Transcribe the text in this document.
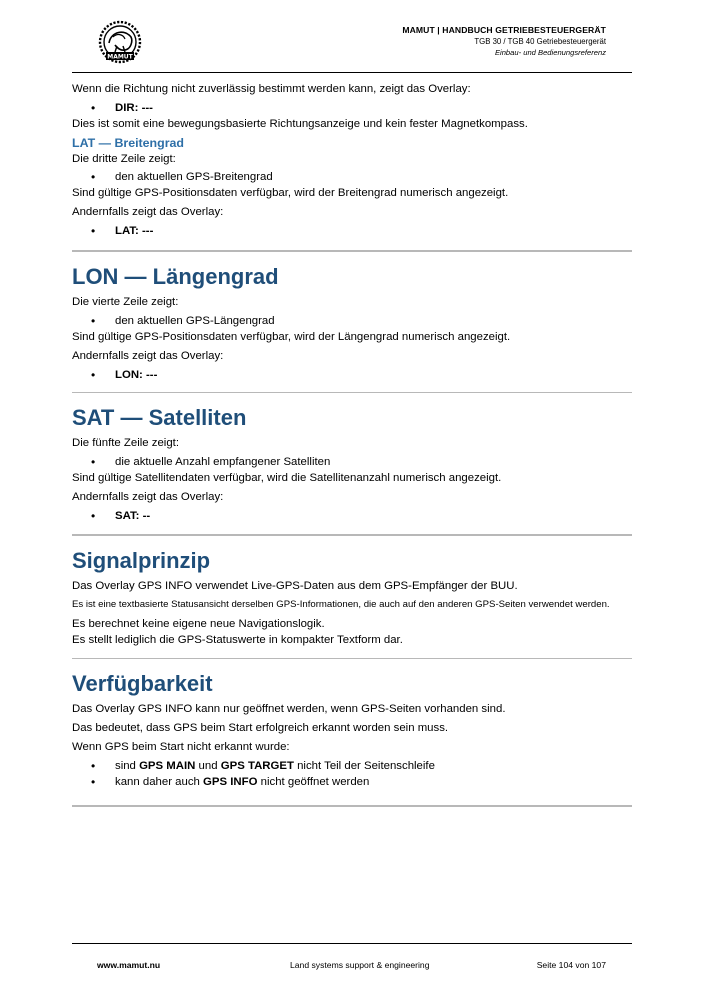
MAMUT
MAMUT | HANDBUCH GETRIEBESTEUERGERÄT
TGB 30 / TGB 40 Getriebesteuergerät
Einbau- und Bedienungsreferenz

Wenn die Richtung nicht zuverlässig bestimmt werden kann, zeigt das Overlay:

• DIR: ---

Dies ist somit eine bewegungsbasierte Richtungsanzeige und kein fester Magnetkompass.

LAT — Breitengrad

Die dritte Zeile zeigt:

• den aktuellen GPS-Breitengrad

Sind gültige GPS-Positionsdaten verfügbar, wird der Breitengrad numerisch angezeigt.

Andernfalls zeigt das Overlay:

• LAT: ---
LON — Längengrad

Die vierte Zeile zeigt:

• den aktuellen GPS-Längengrad

Sind gültige GPS-Positionsdaten verfügbar, wird der Längengrad numerisch angezeigt.

Andernfalls zeigt das Overlay:

• LON: ---
SAT — Satelliten

Die fünfte Zeile zeigt:

• die aktuelle Anzahl empfangener Satelliten

Sind gültige Satellitendaten verfügbar, wird die Satellitenanzahl numerisch angezeigt.

Andernfalls zeigt das Overlay:

• SAT: --
Signalprinzip

Das Overlay GPS INFO verwendet Live-GPS-Daten aus dem GPS-Empfänger der BUU.

Es ist eine textbasierte Statusansicht derselben GPS-Informationen, die auch auf den anderen GPS-Seiten verwendet werden.

Es berechnet keine eigene neue Navigationslogik.

Es stellt lediglich die GPS-Statuswerte in kompakter Textform dar.

Verfügbarkeit

Das Overlay GPS INFO kann nur geöffnet werden, wenn GPS-Seiten vorhanden sind.

Das bedeutet, dass GPS beim Start erfolgreich erkannt worden sein muss.

Wenn GPS beim Start nicht erkannt wurde:

• sind GPS MAIN und GPS TARGET nicht Teil der Seitenschleife
• kann daher auch GPS INFO nicht geöffnet werden
www.mamut.nu	Land systems support & engineering	Seite 104 von 107
